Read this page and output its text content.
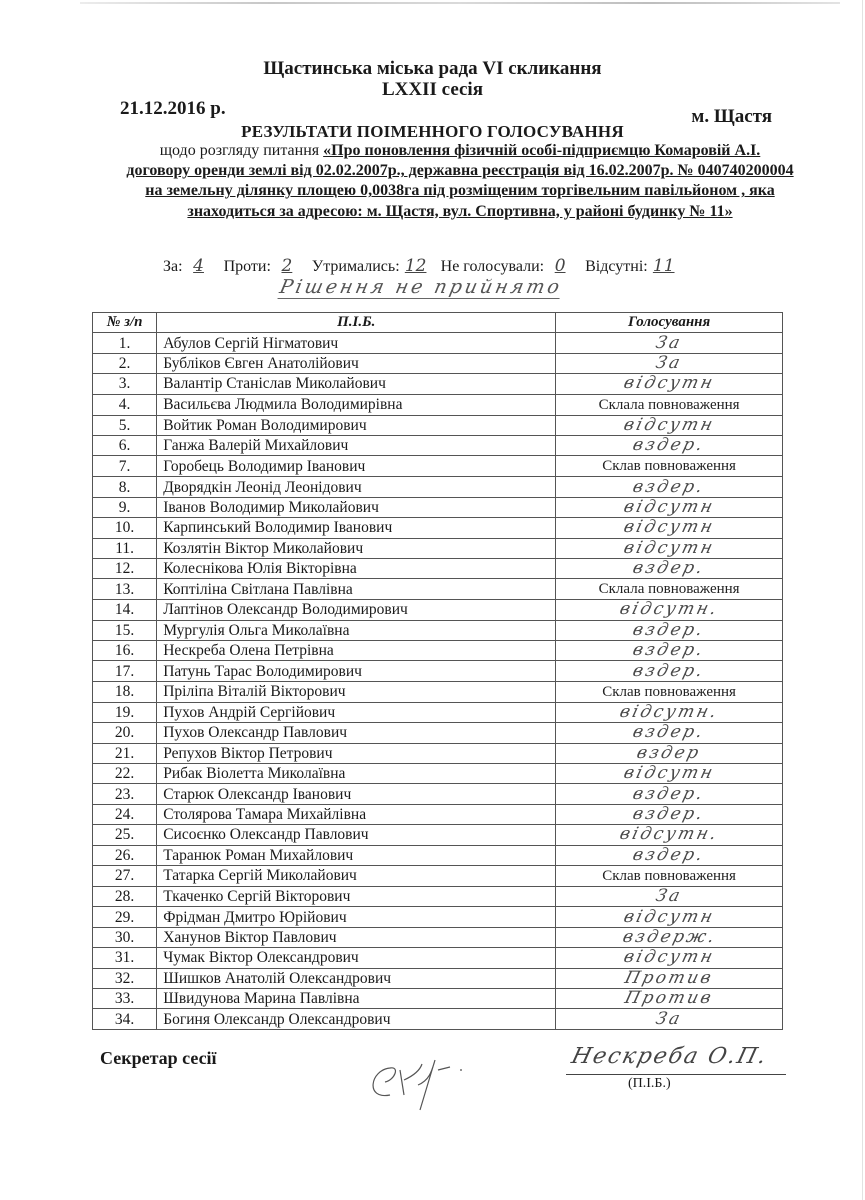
Щастинська міська рада VI скликання
LXXII сесія
21.12.2016 р.	м. Щастя
РЕЗУЛЬТАТИ ПОІМЕННОГО ГОЛОСУВАННЯ
щодо розгляду питання «Про поновлення фізичній особі-підприємцю Комаровій А.І. договору оренди землі від 02.02.2007р., державна реєстрація від 16.02.2007р. № 040740200004 на земельну ділянку площею 0,0038га під розміщеним торгівельним павільйоном , яка знаходиться за адресою: м. Щастя, вул. Спортивна, у районі будинку № 11»
За: 4 Проти: 2 Утримались: 12 Не голосували: 0 Відсутні: 11
Рішення не прийнято
№ з/п	П.І.Б.	Голосування
1.	Абулов Сергій Нігматович	За
2.	Бубліков Євген Анатолійович	За
3.	Валантір Станіслав Миколайович	відсутн
4.	Васильєва Людмила Володимирівна	Склала повноваження
5.	Войтик Роман Володимирович	відсутн
6.	Ганжа Валерій Михайлович	вздер.
7.	Горобець Володимир Іванович	Склав повноваження
8.	Дворядкін Леонід Леонідович	вздер.
9.	Іванов Володимир Миколайович	відсутн
10.	Карпинський Володимир Іванович	відсутн
11.	Козлятін Віктор Миколайович	відсутн
12.	Колеснікова Юлія Вікторівна	вздер.
13.	Коптіліна Світлана Павлівна	Склала повноваження
14.	Лаптінов Олександр Володимирович	відсутн.
15.	Мургулія Ольга Миколаївна	вздер.
16.	Нескреба Олена Петрівна	вздер.
17.	Патунь Тарас Володимирович	вздер.
18.	Пріліпа Віталій Вікторович	Склав повноваження
19.	Пухов Андрій Сергійович	відсутн.
20.	Пухов Олександр Павлович	вздер.
21.	Репухов Віктор Петрович	вздер
22.	Рибак Віолетта Миколаївна	відсутн
23.	Старюк Олександр Іванович	вздер.
24.	Столярова Тамара Михайлівна	вздер.
25.	Сисоєнко Олександр Павлович	відсутн.
26.	Таранюк Роман Михайлович	вздер.
27.	Татарка Сергій Миколайович	Склав повноваження
28.	Ткаченко Сергій Вікторович	За
29.	Фрідман Дмитро Юрійович	відсутн
30.	Ханунов Віктор Павлович	вздерж.
31.	Чумак Віктор Олександрович	відсутн
32.	Шишков Анатолій Олександрович	Против
33.	Швидунова Марина Павлівна	Против
34.	Богиня Олександр Олександрович	За
Секретар сесії	Нескреба О.П.
(П.І.Б.)
